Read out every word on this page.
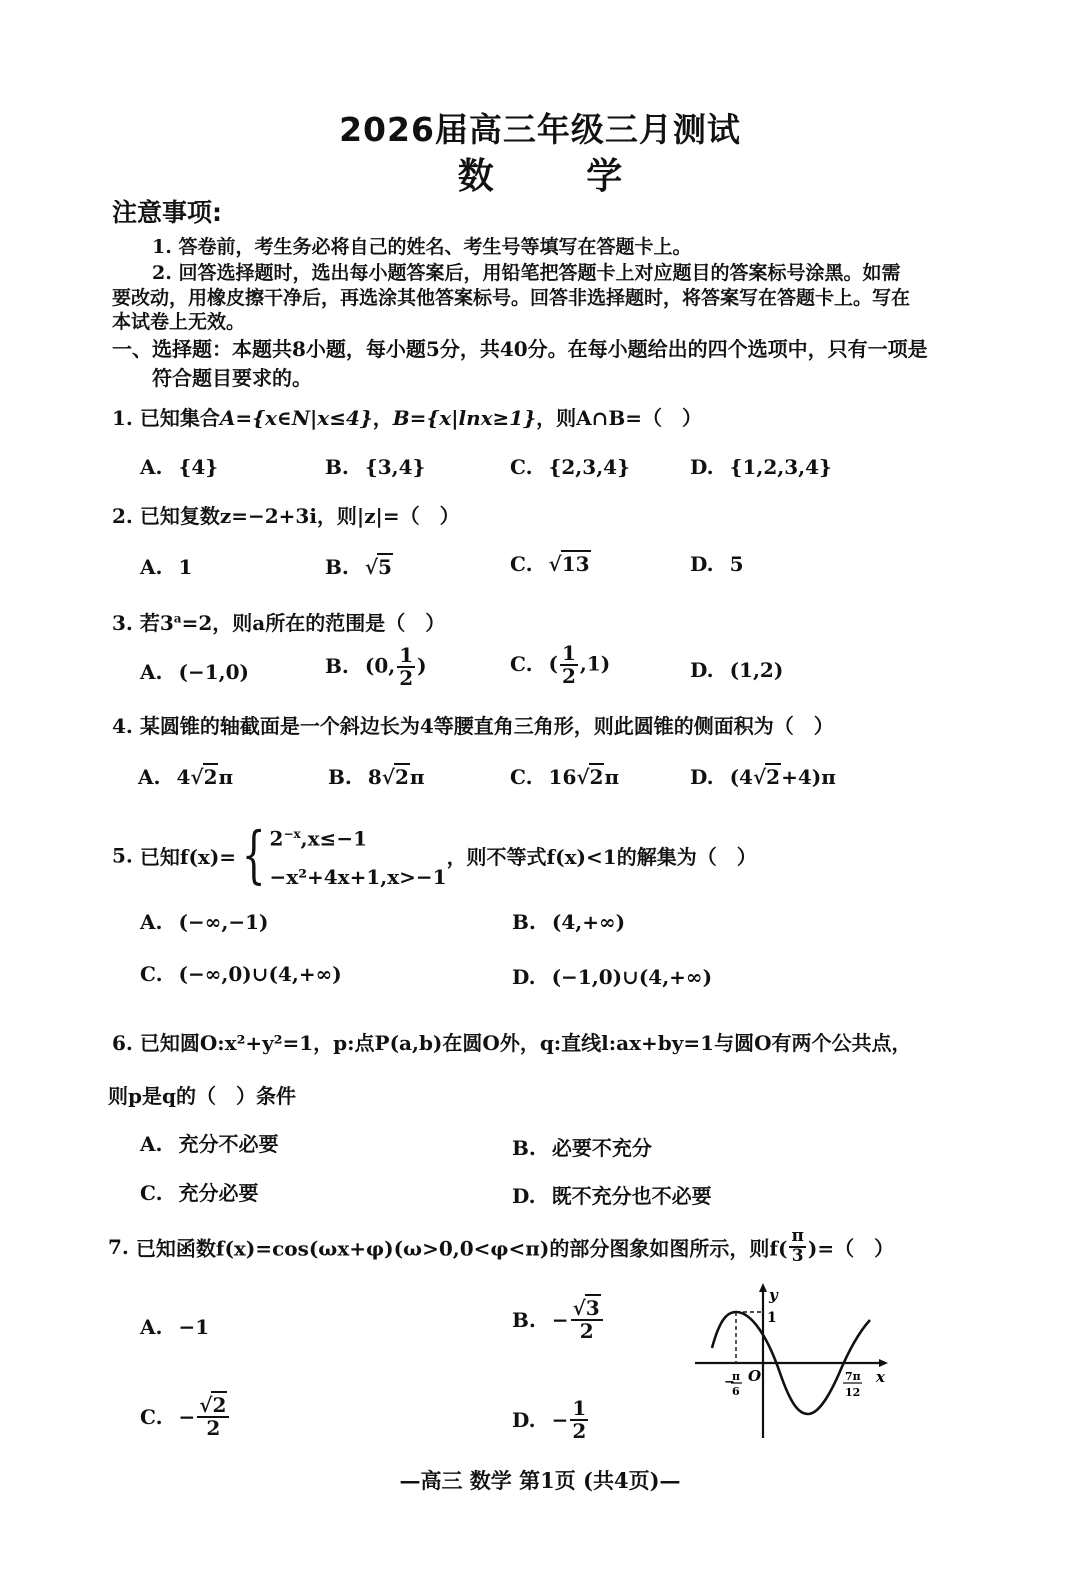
2026届高三年级三月测试
数 学
注意事项:
1. 答卷前，考生务必将自己的姓名、考生号等填写在答题卡上。
2. 回答选择题时，选出每小题答案后，用铅笔把答题卡上对应题目的答案标号涂黑。如需
要改动，用橡皮擦干净后，再选涂其他答案标号。回答非选择题时，将答案写在答题卡上。写在
本试卷上无效。
一、选择题：本题共8小题，每小题5分，共40分。在每小题给出的四个选项中，只有一项是
符合题目要求的。
1. 已知集合A={x∈N|x≤4}，B={x|lnx≥1}，则A∩B=（　）
A. {4}	B. {3,4}	C. {2,3,4}	D. {1,2,3,4}
2. 已知复数z=−2+3i，则|z|=（　）
A. 1	B. √5	C. √13	D. 5
3. 若$3^a=2$，则a所在的范围是（　）
A. (−1,0)	B. (0, $\frac{1}{2}$ )	C. ( $\frac{1}{2} ,1$)	D. (1,2)
4. 某圆锥的轴截面是一个斜边长为4等腰直角三角形，则此圆锥的侧面积为（　）
A. 4√2π	B. 8√2π	C. 16√2π	D. (4√2+4)π
5. 已知f(x)={ $2^{-x},x\le-1$
−x²+4x+1,x>−1
，则不等式f(x)<1的解集为（　）
A. (−∞,−1)	B. (4,+∞)
C. (−∞,0)∪(4,+∞)	D. (−1,0)∪(4,+∞)
6. 已知圆O:x²+y²=1，p:点P(a,b)在圆O外，q:直线l:ax+by=1与圆O有两个公共点，
则p是q的（　）条件
A. 充分不必要	B. 必要不充分
C. 充分必要	D. 既不充分也不必要
7. 已知函数f(x)=cos(ωx+φ)(ω>0,0<φ<π)的部分图象如图所示，则$f( \frac{\pi}{3}$ )=（　）
A. −1	B. − $\frac{√3}{2}$
C. − $\frac{√2}{2}$	D. − $\frac{1}{2}$
y
x
O
1
−
π
6
7π
12
—高三 数学 第1页 (共4页)—
